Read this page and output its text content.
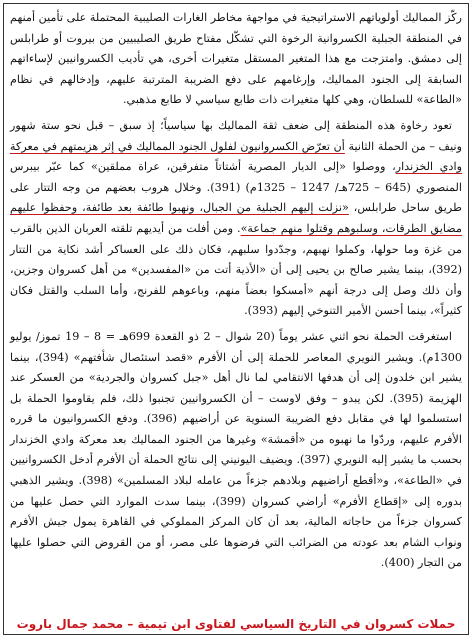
ركّز المماليك أولوياتهم الاستراتيجية في مواجهة مخاطر الغارات الصليبية المحتملة على تأمين أمنهم في المنطقة الجبلية الكسروانية الرخوة التي تشكّل مفتاح طريق الصليبيين من بيروت أو طرابلس إلى دمشق. وامتزجت مع هذا المتغير المستقل متغيرات أخرى، هي تأديب الكسروانيين لإساءاتهم السابقة إلى الجنود المماليك، وإرغامهم على دفع الضريبة المترتبة عليهم، وإدخالهم في نظام «الطاعة» للسلطان، وهي كلها متغيرات ذات طابع سياسي لا طابع مذهبي.

تعود رخاوة هذه المنطقة إلى ضعف ثقة المماليك بها سياسياً؛ إذ سبق – قبل نحو ستة شهور ونيف – من الحملة الثانية أن تعرّض الكسروانيون لفلول الجنود المماليك في إثر هزيمتهم في معركة وادي الخزندار، ووصلوا «إلى الديار المصرية أشتاتاً متفرقين، عراة مملقين» كما عبّر بيبرس المنصوري (645 – 725هـ/ 1247 – 1325م) (391). وخلال هروب بعضهم من وجه التتار على طريق ساحل طرابلس، «نزلت إليهم الجبلية من الجبال، ونهبوا طائفة بعد طائفة، وحفظوا عليهم مضايق الطرقات، وسلبوهم وقتلوا منهم جماعة». ومن أفلت من أيديهم تلقته العربان الذين بالقرب من غزة وما حولها، وكملوا نهبهم، وجدّدوا سلبهم، فكان ذلك على العساكر أشد نكاية من التتار (392)، بينما يشير صالح بن يحيى إلى أن «الأذية أتت من «المفسدين» من أهل كسروان وجزين، وأن ذلك وصل إلى درجة أنهم «أمسكوا بعضاً منهم، وباعوهم للفرنج، وأما السلب والقتل فكان كثيراً»، بينما أحسن الأمير التنوخي إليهم (393).

استغرقت الحملة نحو اثني عشر يوماً (20 شوال – 2 ذو القعدة 699هـ = 8 – 19 تموز/ يوليو 1300م). ويشير النويري المعاصر للحملة إلى أن الأفرم «قصد استئصال شأفتهم» (394)، بينما يشير ابن خلدون إلى أن هدفها الانتقامي لما نال أهل «جبل كسروان والجردية» من العسكر عند الهزيمة (395). لكن يبدو – وفق لاوست – أن الكسروانيين تجنبوا ذلك، فلم يقاوموا الحملة بل استسلموا لها في مقابل دفع الضريبة السنوية عن أراضيهم (396). ودفع الكسروانيون ما قرره الأفرم عليهم، وردّوا ما نهبوه من «أقمشة» وغيرها من الجنود المماليك بعد معركة وادي الخزندار بحسب ما يشير إليه النويري (397). ويضيف اليونيني إلى نتائج الحملة أن الأفرم أدخل الكسروانيين في «الطاعة»، و«أقطع أراضيهم وبلادهم جزءاً من عامله لبلاد المسلمين» (398). ويشير الذهبي بدوره إلى «إقطاع الأفرم» أراضي كسروان (399)، بينما سدت الموارد التي حصل عليها من كسروان جزءاً من حاجاته المالية، بعد أن كان المركز المملوكي في القاهرة يمول جيش الأفرم ونواب الشام بعد عودته من الضرائب التي فرضوها على مصر، أو من القروض التي حصلوا عليها من التجار (400).

حملات كسروان في التاريخ السياسي لفتاوى ابن تيمية – محمد جمال باروت
